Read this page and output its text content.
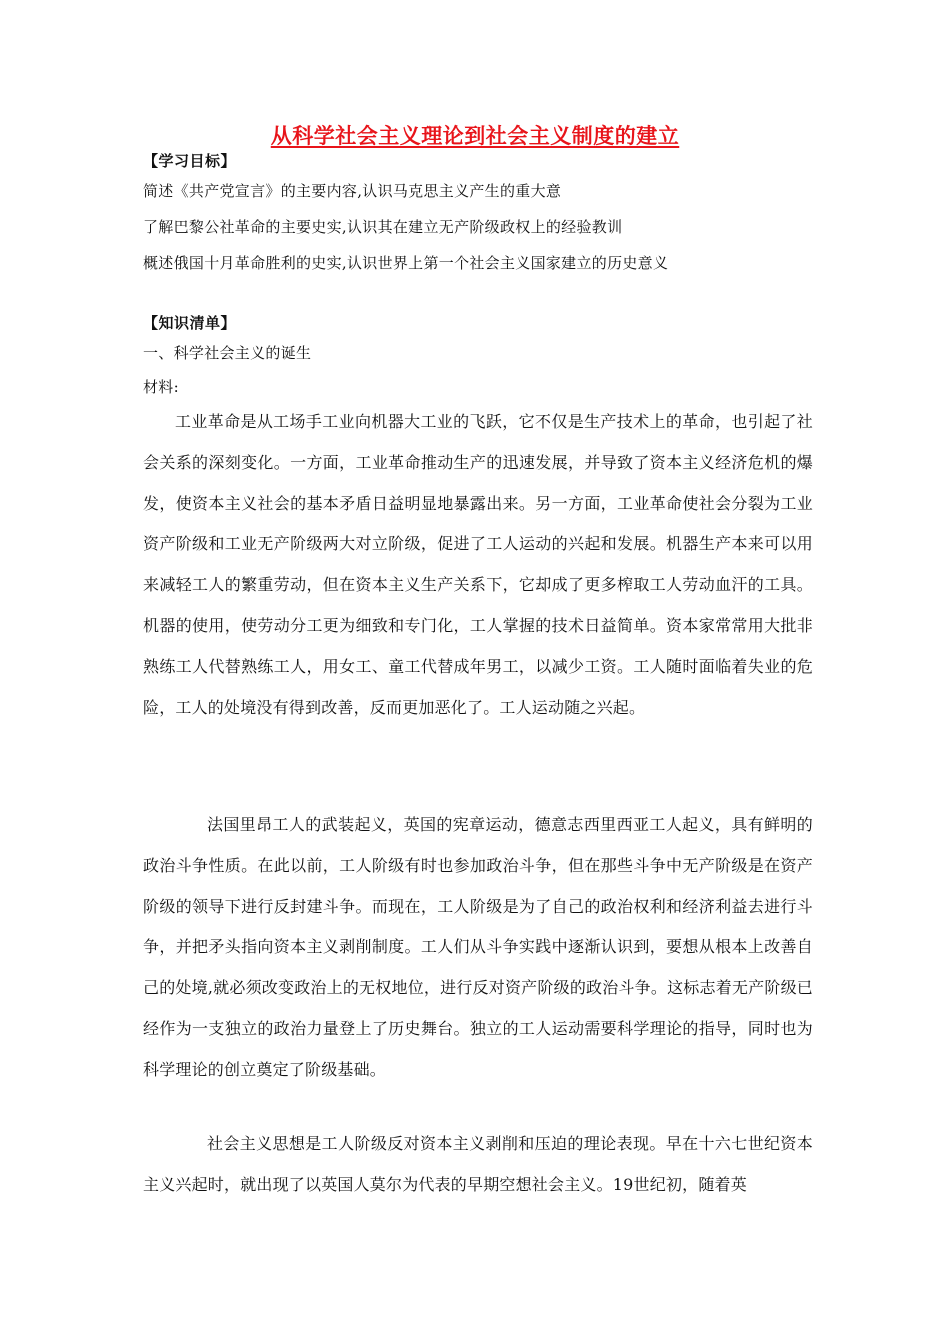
从科学社会主义理论到社会主义制度的建立
【学习目标】
简述《共产党宣言》的主要内容,认识马克思主义产生的重大意
了解巴黎公社革命的主要史实,认识其在建立无产阶级政权上的经验教训
概述俄国十月革命胜利的史实,认识世界上第一个社会主义国家建立的历史意义
【知识清单】
一、科学社会主义的诞生
材料:
工业革命是从工场手工业向机器大工业的飞跃，它不仅是生产技术上的革命，也引起了社会关系的深刻变化。一方面，工业革命推动生产的迅速发展，并导致了资本主义经济危机的爆发，使资本主义社会的基本矛盾日益明显地暴露出来。另一方面，工业革命使社会分裂为工业资产阶级和工业无产阶级两大对立阶级，促进了工人运动的兴起和发展。机器生产本来可以用来减轻工人的繁重劳动，但在资本主义生产关系下，它却成了更多榨取工人劳动血汗的工具。机器的使用，使劳动分工更为细致和专门化，工人掌握的技术日益简单。资本家常常用大批非熟练工人代替熟练工人，用女工、童工代替成年男工，以减少工资。工人随时面临着失业的危险，工人的处境没有得到改善，反而更加恶化了。工人运动随之兴起。
法国里昂工人的武装起义，英国的宪章运动，德意志西里西亚工人起义，具有鲜明的政治斗争性质。在此以前，工人阶级有时也参加政治斗争，但在那些斗争中无产阶级是在资产阶级的领导下进行反封建斗争。而现在，工人阶级是为了自己的政治权利和经济利益去进行斗争，并把矛头指向资本主义剥削制度。工人们从斗争实践中逐渐认识到，要想从根本上改善自己的处境,就必须改变政治上的无权地位，进行反对资产阶级的政治斗争。这标志着无产阶级已经作为一支独立的政治力量登上了历史舞台。独立的工人运动需要科学理论的指导，同时也为科学理论的创立奠定了阶级基础。
社会主义思想是工人阶级反对资本主义剥削和压迫的理论表现。早在十六七世纪资本主义兴起时，就出现了以英国人莫尔为代表的早期空想社会主义。19世纪初，随着英
